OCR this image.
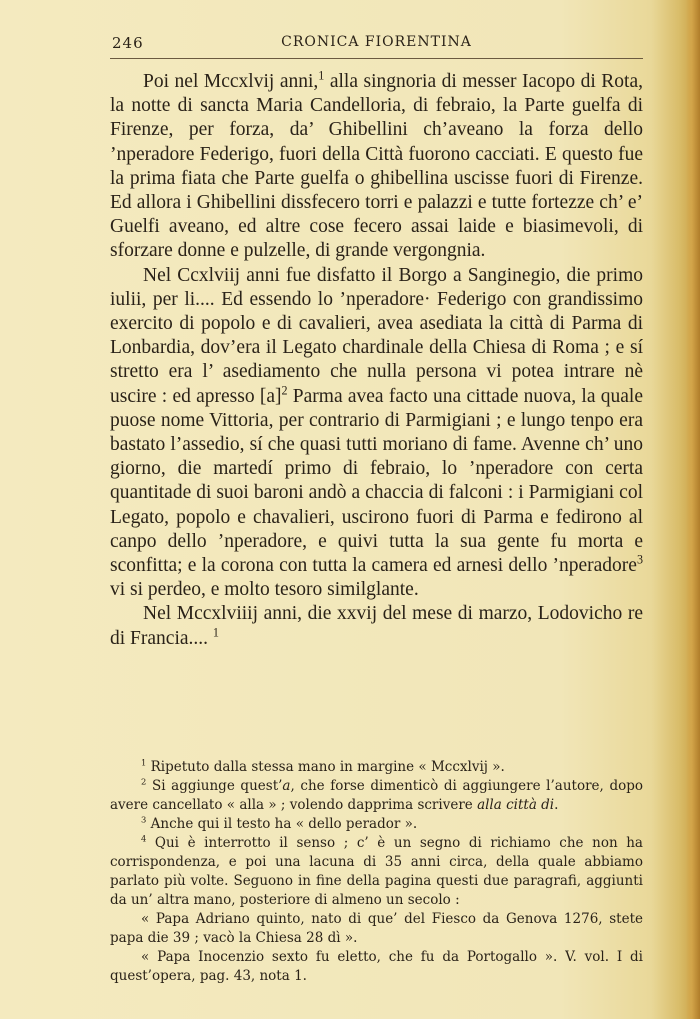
246	CRONICA FIORENTINA

Poi nel Mccxlvij anni,$^1$ alla singnoria di messer Iacopo di Rota, la notte di sancta Maria Candelloria, di febraio, la Parte guelfa di Firenze, per forza, da’ Ghibellini ch’aveano la forza dello ’nperadore Federigo, fuori della Città fuorono cacciati. E questo fue la prima fiata che Parte guelfa o ghibellina uscisse fuori di Firenze. Ed allora i Ghibellini dissfecero torri e palazzi e tutte fortezze ch’ e’ Guelfi aveano, ed altre cose fecero assai laide e biasimevoli, di sforzare donne e pulzelle, di grande vergongnia.

Nel Ccxlviij anni fue disfatto il Borgo a Sanginegio, die primo iulii, per li.... Ed essendo lo ’nperadore· Federigo con grandissimo exercito di popolo e di cavalieri, avea asediata la città di Parma di Lonbardia, dov’era il Legato chardinale della Chiesa di Roma ; e sí stretto era l’ asediamento che nulla persona vi potea intrare nè uscire : ed apresso $[a]^2$ Parma avea facto una cittade nuova, la quale puose nome Vittoria, per contrario di Parmigiani ; e lungo tenpo era bastato l’assedio, sí che quasi tutti moriano di fame. Avenne ch’ uno giorno, die martedí primo di febraio, lo ’nperadore con certa quantitade di suoi baroni andò a chaccia di falconi : i Parmigiani col Legato, popolo e chavalieri, uscirono fuori di Parma e fedirono al canpo dello ’nperadore, e quivi tutta la sua gente fu morta e sconfitta; e la corona con tutta la camera ed arnesi dello ’nperadore$^3$ vi si perdeo, e molto tesoro similglante.

Nel Mccxlviiij anni, die xxvij del mese di marzo, Lodovicho re di Francia.... $^1$

$^1$ Ripetuto dalla stessa mano in margine « Mccxlvij ».

$^2$ Si aggiunge quest’a, che forse dimenticò di aggiungere l’autore, dopo avere cancellato « alla » ; volendo dapprima scrivere alla città di.

$^3$ Anche qui il testo ha « dello perador ».

$^4$ Qui è interrotto il senso ; c’ è un segno di richiamo che non ha corrispondenza, e poi una lacuna di 35 anni circa, della quale abbiamo parlato più volte. Seguono in fine della pagina questi due paragrafi, aggiunti da un’ altra mano, posteriore di almeno un secolo :

« Papa Adriano quinto, nato di que’ del Fiesco da Genova 1276, stete papa die 39 ; vacò la Chiesa 28 dì ».

« Papa Inocenzio sexto fu eletto, che fu da Portogallo ». V. vol. I di quest’opera, pag. 43, nota 1.
